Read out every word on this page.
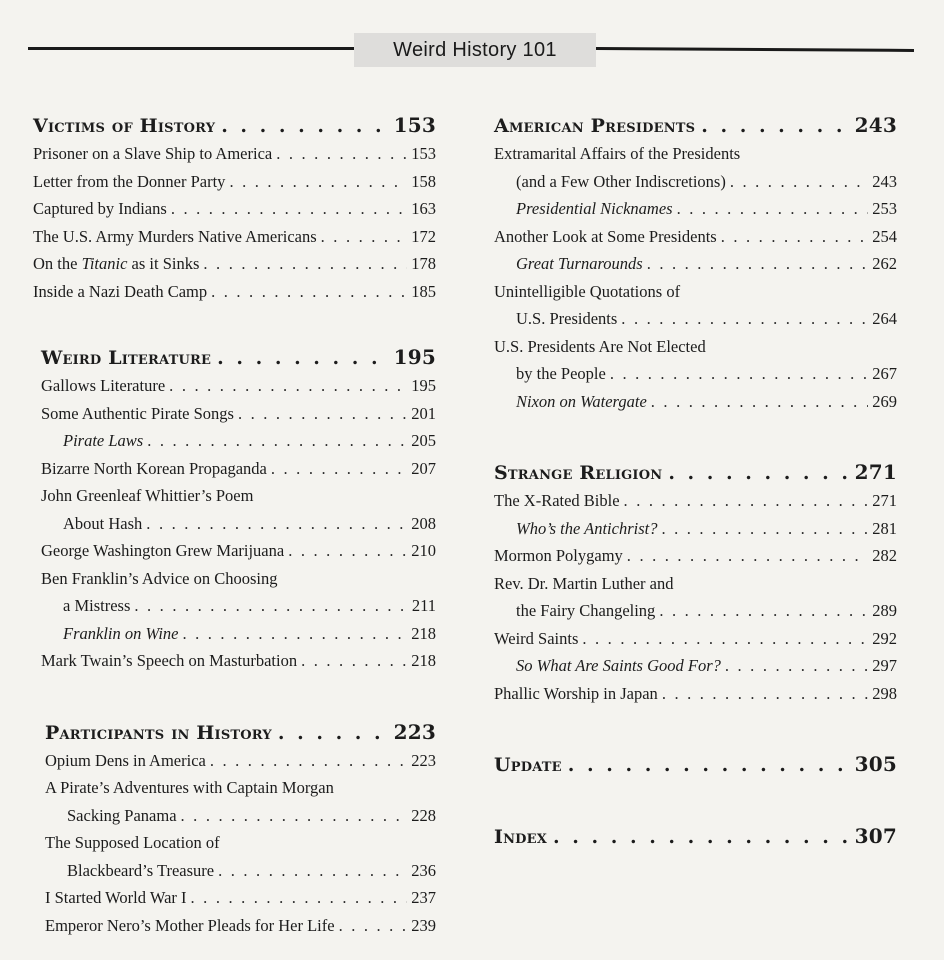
Weird History 101
Victims of History . . .	153
Prisoner on a Slave Ship to America . . .	153
Letter from the Donner Party . . .	158
Captured by Indians . . .	163
The U.S. Army Murders Native Americans . . .	172
On the Titanic as it Sinks . . .	178
Inside a Nazi Death Camp . . .	185
Weird Literature . . .	195
Gallows Literature . . .	195
Some Authentic Pirate Songs . . .	201
Pirate Laws . . .	205
Bizarre North Korean Propaganda . . .	207
John Greenleaf Whittier’s Poem
About Hash . . .	208
George Washington Grew Marijuana . . .	210
Ben Franklin’s Advice on Choosing
a Mistress . . .	211
Franklin on Wine . . .	218
Mark Twain’s Speech on Masturbation . . .	218
Participants in History . . .	223
Opium Dens in America . . .	223
A Pirate’s Adventures with Captain Morgan
Sacking Panama . . .	228
The Supposed Location of
Blackbeard’s Treasure . . .	236
I Started World War I . . .	237
Emperor Nero’s Mother Pleads for Her Life . . .	239
American Presidents . . .	243
Extramarital Affairs of the Presidents
(and a Few Other Indiscretions) . . .	243
Presidential Nicknames . . .	253
Another Look at Some Presidents . . .	254
Great Turnarounds . . .	262
Unintelligible Quotations of
U.S. Presidents . . .	264
U.S. Presidents Are Not Elected
by the People . . .	267
Nixon on Watergate . . .	269
Strange Religion . . .	271
The X-Rated Bible . . .	271
Who’s the Antichrist? . . .	281
Mormon Polygamy . . .	282
Rev. Dr. Martin Luther and
the Fairy Changeling . . .	289
Weird Saints . . .	292
So What Are Saints Good For? . . .	297
Phallic Worship in Japan . . .	298
Update . . .	305
Index . . .	307
